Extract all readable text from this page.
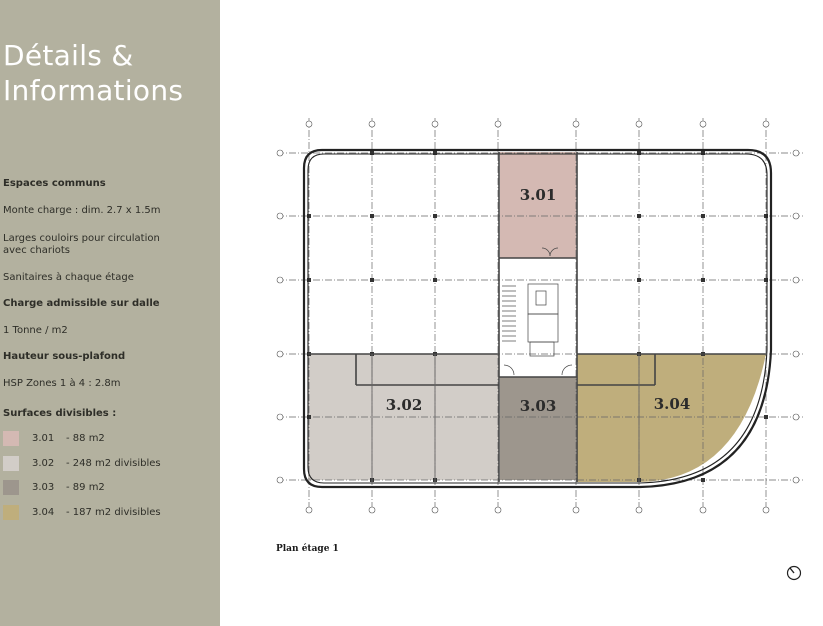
Détails &
Informations
Espaces communs
Monte charge : dim. 2.7 x 1.5m
Larges couloirs pour circulation
avec chariots
Sanitaires à chaque étage
Charge admissible sur dalle
1 Tonne / m2
Hauteur sous-plafond
HSP Zones 1 à 4 : 2.8m
Surfaces divisibles :
3.01 - 88 m2
3.02 - 248 m2 divisibles
3.03 - 89 m2
3.04 - 187 m2 divisibles
3.01
3.02	3.03	3.04
Plan étage 1
